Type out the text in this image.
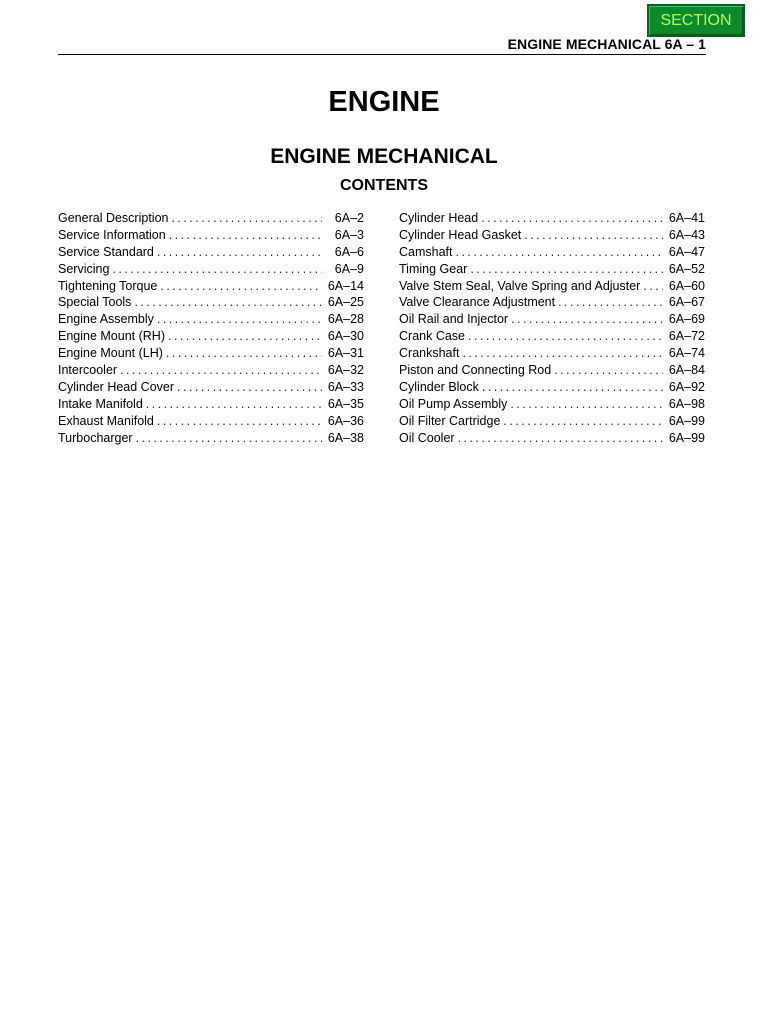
SECTION
ENGINE MECHANICAL 6A – 1
ENGINE
ENGINE MECHANICAL
CONTENTS
General Description . . .	6A–2
Service Information . . .	6A–3
Service Standard . . .	6A–6
Servicing . . .	6A–9
Tightening Torque . . .	6A–14
Special Tools . . .	6A–25
Engine Assembly . . .	6A–28
Engine Mount (RH) . . .	6A–30
Engine Mount (LH) . . .	6A–31
Intercooler . . .	6A–32
Cylinder Head Cover . . .	6A–33
Intake Manifold . . .	6A–35
Exhaust Manifold . . .	6A–36
Turbocharger . . .	6A–38
Cylinder Head . . .	6A–41
Cylinder Head Gasket . . .	6A–43
Camshaft . . .	6A–47
Timing Gear . . .	6A–52
Valve Stem Seal, Valve Spring and Adjuster . . . 6A–60
Valve Clearance Adjustment . . .	6A–67
Oil Rail and Injector . . .	6A–69
Crank Case . . .	6A–72
Crankshaft . . .	6A–74
Piston and Connecting Rod . . .	6A–84
Cylinder Block . . .	6A–92
Oil Pump Assembly . . .	6A–98
Oil Filter Cartridge . . .	6A–99
Oil Cooler . . .	6A–99
